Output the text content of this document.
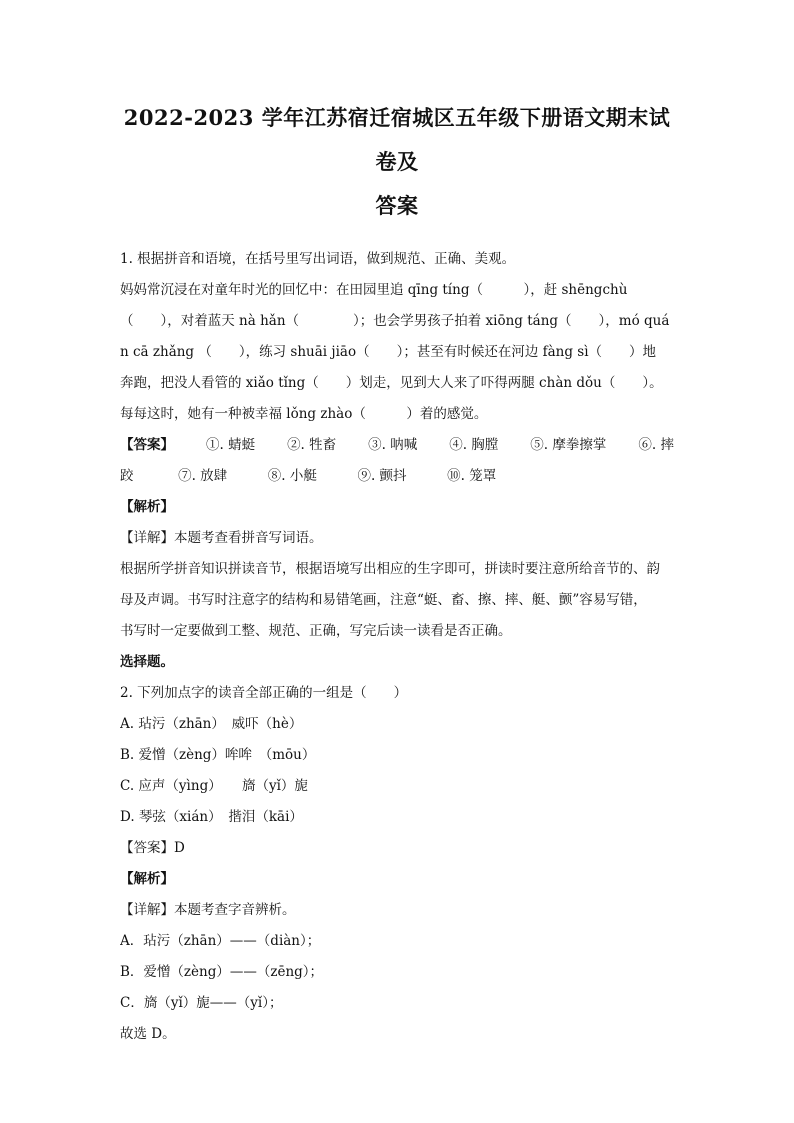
2022-2023 学年江苏宿迁宿城区五年级下册语文期末试卷及
答案
1. 根据拼音和语境，在括号里写出词语，做到规范、正确、美观。
妈妈常沉浸在对童年时光的回忆中：在田园里追 qīng tíng（　　　），赶 shēngchù
（　　），对着蓝天 nà hǎn（　　　　）；也会学男孩子拍着 xiōng táng（　　），mó quá
n cā zhǎng （　　），练习 shuāi jiāo（　　）；甚至有时候还在河边 fàng sì（　　）地
奔跑，把没人看管的 xiǎo tǐng（　　）划走，见到大人来了吓得两腿 chàn dǒu（　　）。
每每这时，她有一种被幸福 lǒng zhào（　　　）着的感觉。
【答案】 ①. 蜻蜓 ②. 牲畜 ③. 呐喊 ④. 胸膛 ⑤. 摩拳擦掌 ⑥. 摔
跤	⑦. 放肆	⑧. 小艇	⑨. 颤抖	⑩. 笼罩
【解析】
【详解】本题考查看拼音写词语。
根据所学拼音知识拼读音节，根据语境写出相应的生字即可，拼读时要注意所给音节的、韵
母及声调。书写时注意字的结构和易错笔画，注意“蜓、畜、擦、摔、艇、颤”容易写错，
书写时一定要做到工整、规范、正确，写完后读一读看是否正确。
选择题。
2. 下列加点字的读音全部正确的一组是（　　）
A. 玷污（zhān）　威吓（hè）
B. 爱憎（zèng）哞哞　（mōu）
C. 应声（yìng）　　旖（yǐ）旎
D. 琴弦（xián）　揩泪（kāi）
【答案】D
【解析】
【详解】本题考查字音辨析。
A．玷污（zhān）——（diàn）；
B．爱憎（zèng）——（zēng）；
C．旖（yǐ）旎——（yǐ）；
故选 D。
